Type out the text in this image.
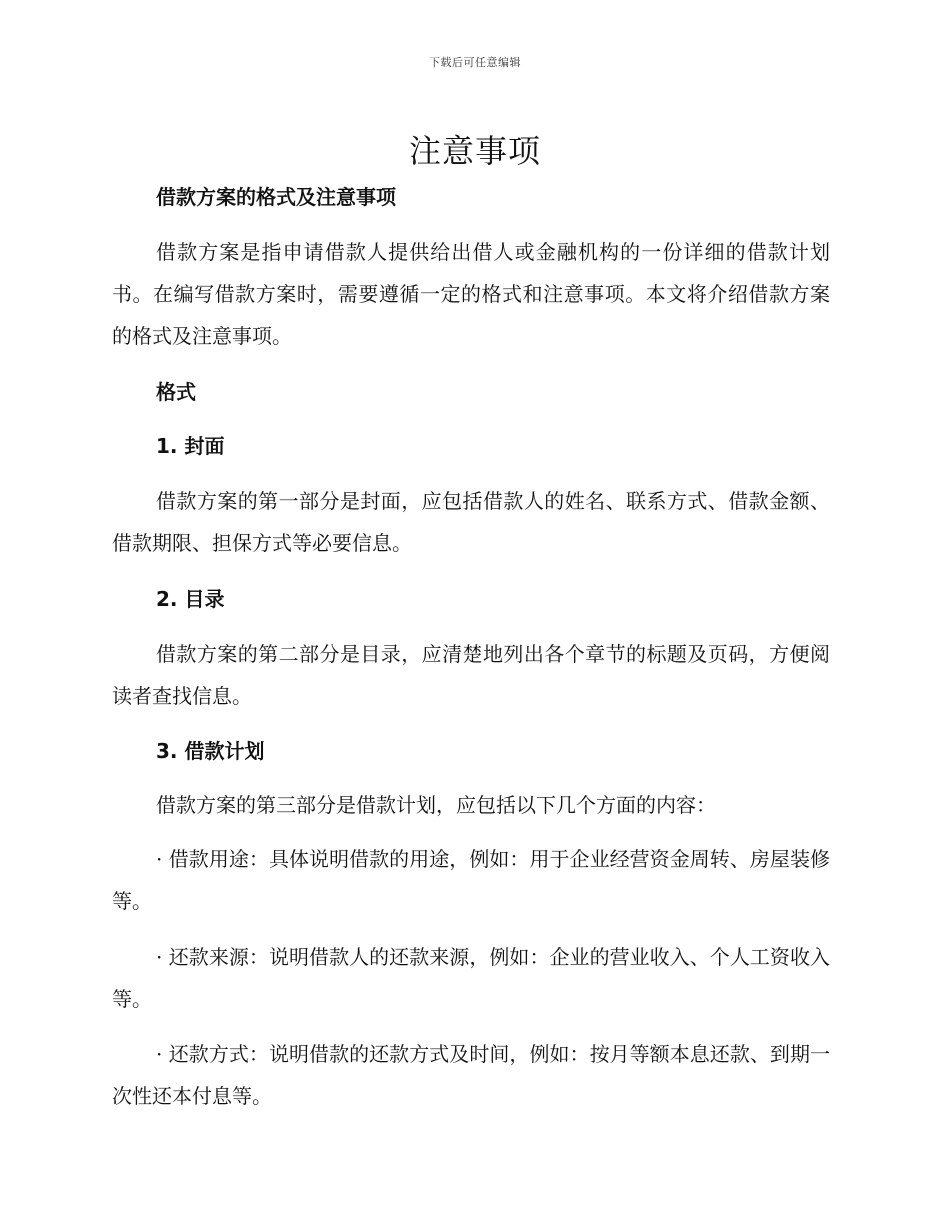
下载后可任意编辑
注意事项

借款方案的格式及注意事项

借款方案是指申请借款人提供给出借人或金融机构的一份详细的借款计划书。在编写借款方案时，需要遵循一定的格式和注意事项。本文将介绍借款方案的格式及注意事项。

格式

1. 封面

借款方案的第一部分是封面，应包括借款人的姓名、联系方式、借款金额、借款期限、担保方式等必要信息。

2. 目录

借款方案的第二部分是目录，应清楚地列出各个章节的标题及页码，方便阅读者查找信息。

3. 借款计划

借款方案的第三部分是借款计划，应包括以下几个方面的内容：

· 借款用途：具体说明借款的用途，例如：用于企业经营资金周转、房屋装修等。

· 还款来源：说明借款人的还款来源，例如：企业的营业收入、个人工资收入等。

· 还款方式：说明借款的还款方式及时间，例如：按月等额本息还款、到期一次性还本付息等。
